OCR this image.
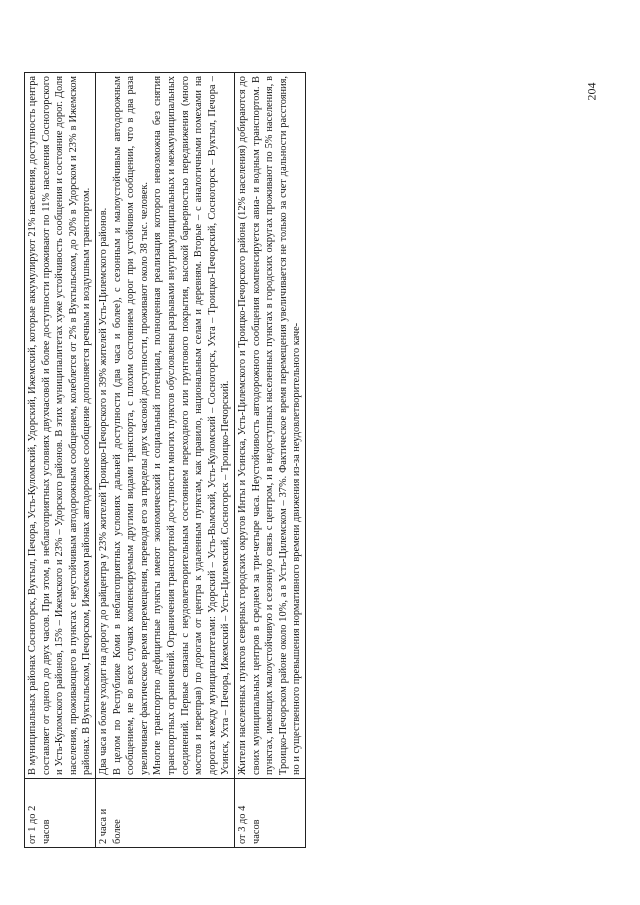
204
от 1 до 2 часов	В муниципальных районах Сосногорск, Вуктыл, Печора, Усть-Куломский, Удорский, Ижемский, которые аккумулируют 21% населения, доступность центра составляет от одного до двух часов. При этом, в неблагоприятных условиях двухчасовой и более доступности проживают по 11% населения Сосногорского и Усть-Куломского районов, 15% – Ижемского и 23% – Удорского районов. В этих муниципалитетах хуже устойчивость сообщения и состояние дорог. Доля населения, проживающего в пунктах с неустойчивым автодорожным сообщением, колеблется от 2% в Вуктыльском, до 20% в Удорском и 23% в Ижемском районах. В Вуктыльском, Печорском, Ижемском районах автодорожное сообщение дополняется речным и воздушным транспортом.

2 часа и более	Два часа и более уходит на дорогу до райцентра у 23% жителей Троицко-Печорского и 39% жителей Усть-Цилемского районов. В целом по Республике Коми в неблагоприятных условиях дальней доступности (два часа и более), с сезонным и малоустойчивым автодорожным сообщением, не во всех случаях компенсируемым другими видами транспорта, с плохим состоянием дорог при устойчивом сообщении, что в два раза увеличивает фактическое время перемещения, переводя его за пределы двух часовой доступности, проживают около 38 тыс. человек. Многие транспортно дефицитные пункты имеют экономический и социальный потенциал, полноценная реализация которого невозможна без снятия транспортных ограничений. Ограничения транспортной доступности многих пунктов обусловлены разрывами внутримуниципальных и межмуниципальных соединений. Первые связаны с неудовлетворительным состоянием переходного или грунтового покрытия, высокой барьерностью передвижения (много мостов и переправ) по дорогам от центра к удаленным пунктам, как правило, национальным селам и деревням. Вторые – с аналогичными помехами на дорогах между муниципалитетами: Удорский – Усть-Вымский, Усть-Куломский – Сосногорск, Ухта – Троицко-Печорский, Сосногорск – Вуктыл, Печора – Усинск, Ухта – Печора, Ижемский – Усть-Цилемский, Сосногорск – Троицко-Печорский.

от 3 до 4 часов	Жители населенных пунктов северных городских округов Инты и Усинска, Усть-Цилемского и Троицко-Печорского района (12% населения) добираются до своих муниципальных центров в среднем за три-четыре часа. Неустойчивость автодорожного сообщения компенсируется авиа- и водным транспортом. В пунктах, имеющих малоустойчивую и сезонную связь с центром, и в недоступных населенных пунктах в городских округах проживают по 5% населения, в Троицко-Печорском районе около 10%, а в Усть-Цилемском – 37%. Фактическое время перемещения увеличивается не только за счет дальности расстояния, но и существенного превышения нормативного времени движения из-за неудовлетворительного каче-
